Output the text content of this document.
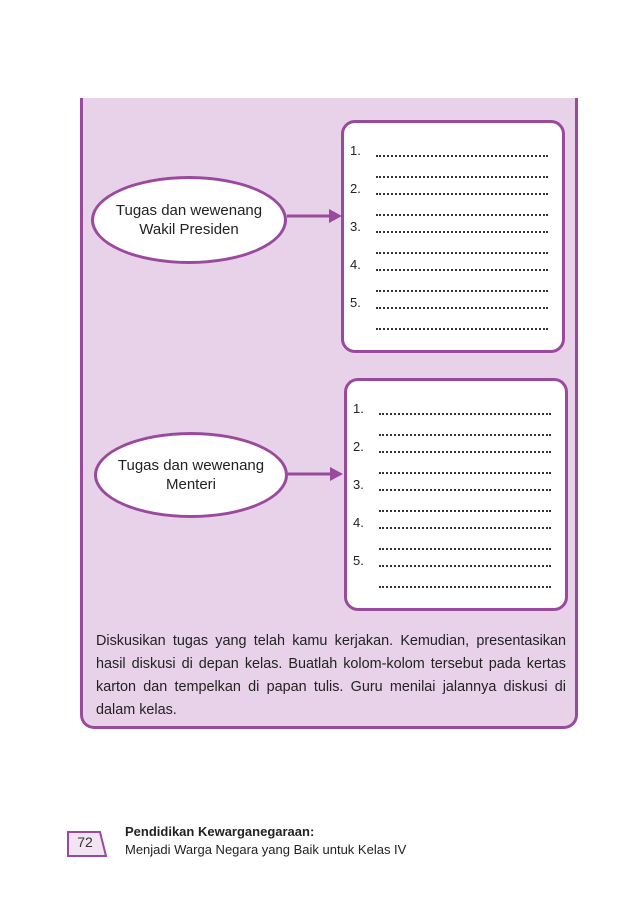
Tugas dan wewenang
Wakil Presiden
1.
2.
3.
4.
5.
Tugas dan wewenang
Menteri
1.
2.
3.
4.
5.
Diskusikan tugas yang telah kamu kerjakan. Kemudian, presentasikan hasil diskusi di depan kelas. Buatlah kolom-kolom tersebut pada kertas karton dan tempelkan di papan tulis. Guru menilai jalannya diskusi di dalam kelas.
72
Pendidikan Kewarganegaraan:
Menjadi Warga Negara yang Baik untuk Kelas IV
